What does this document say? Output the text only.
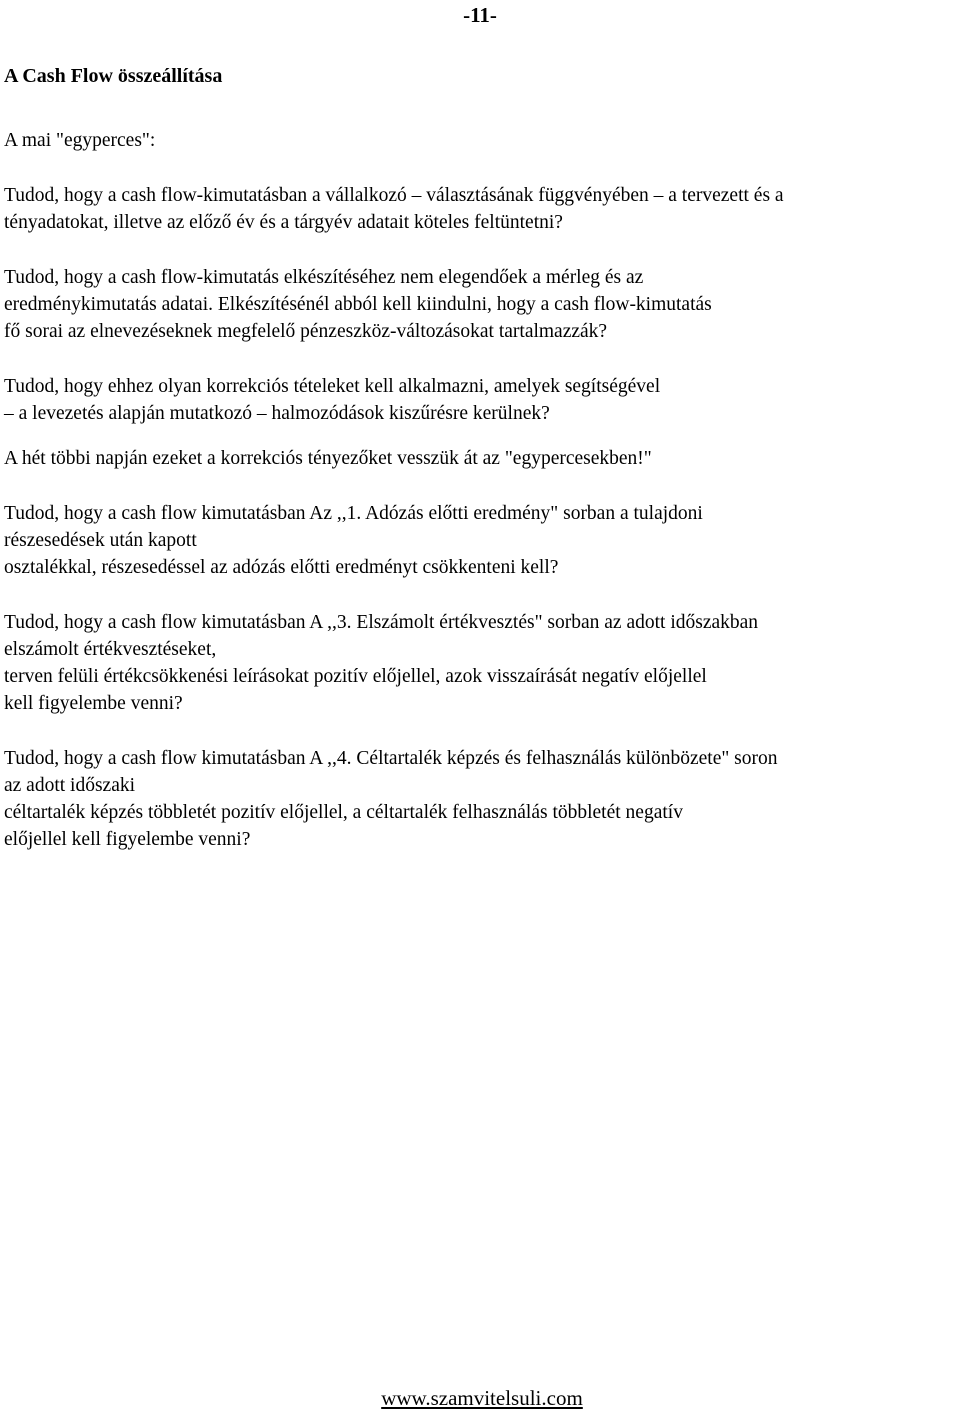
-11-
A Cash Flow összeállítása
A mai "egyperces":
Tudod, hogy a cash flow-kimutatásban a vállalkozó – választásának függvényében – a tervezett és a
tényadatokat, illetve az előző év és a tárgyév adatait köteles feltüntetni?
Tudod, hogy a cash flow-kimutatás elkészítéséhez nem elegendőek a mérleg és az
eredménykimutatás adatai. Elkészítésénél abból kell kiindulni, hogy a cash flow-kimutatás
fő sorai az elnevezéseknek megfelelő pénzeszköz-változásokat tartalmazzák?
Tudod, hogy ehhez olyan korrekciós tételeket kell alkalmazni, amelyek segítségével
– a levezetés alapján mutatkozó – halmozódások kiszűrésre kerülnek?
A hét többi napján ezeket a korrekciós tényezőket vesszük át az "egypercesekben!"
Tudod, hogy a cash flow kimutatásban Az ,,1. Adózás előtti eredmény" sorban a tulajdoni
részesedések után kapott
osztalékkal, részesedéssel az adózás előtti eredményt csökkenteni kell?
Tudod, hogy a cash flow kimutatásban A ,,3. Elszámolt értékvesztés" sorban az adott időszakban
elszámolt értékvesztéseket,
terven felüli értékcsökkenési leírásokat pozitív előjellel, azok visszaírását negatív előjellel
kell figyelembe venni?
Tudod, hogy a cash flow kimutatásban A ,,4. Céltartalék képzés és felhasználás különbözete" soron
az adott időszaki
céltartalék képzés többletét pozitív előjellel, a céltartalék felhasználás többletét negatív
előjellel kell figyelembe venni?
www.szamvitelsuli.com
